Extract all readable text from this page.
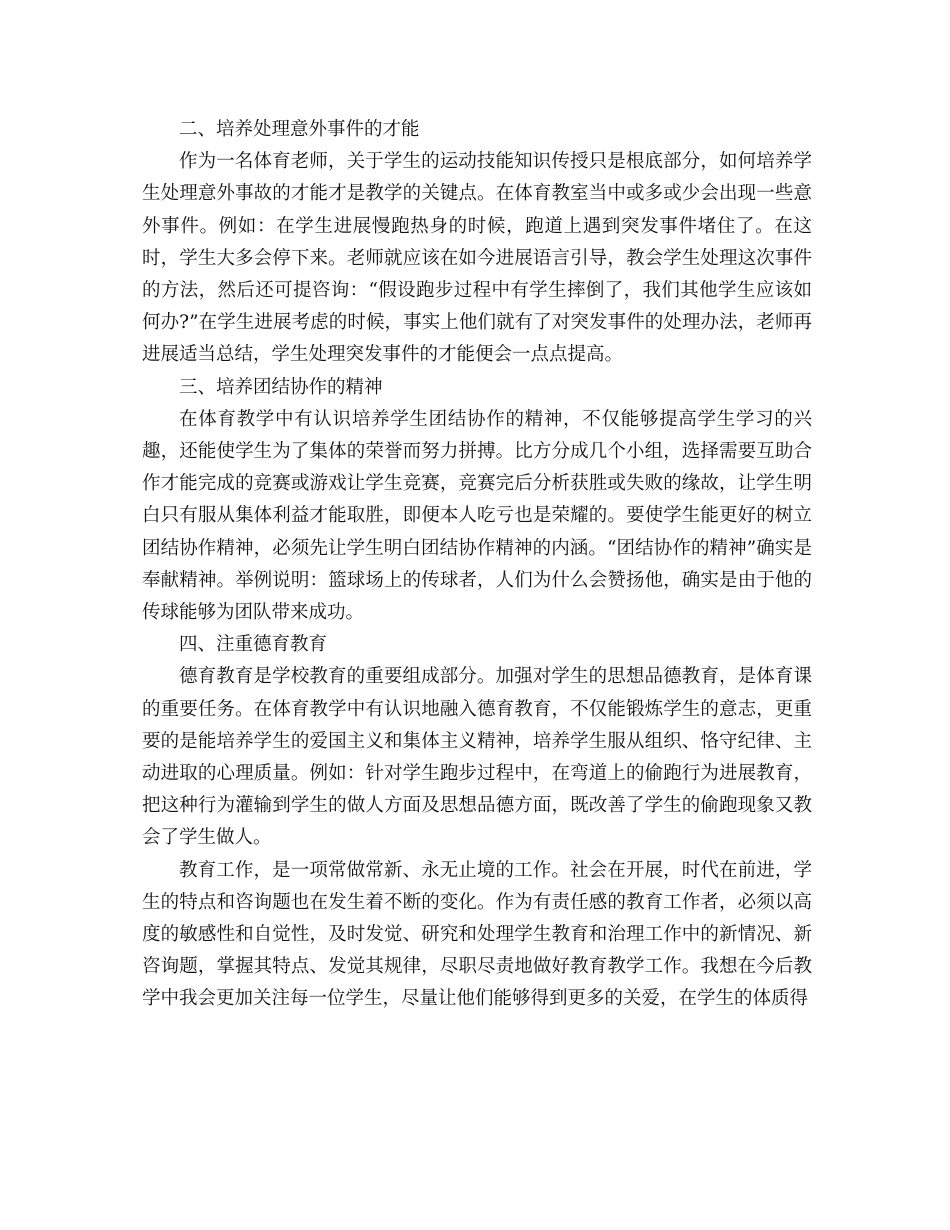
二、培养处理意外事件的才能

作为一名体育老师，关于学生的运动技能知识传授只是根底部分，如何培养学生处理意外事故的才能才是教学的关键点。在体育教室当中或多或少会出现一些意外事件。例如：在学生进展慢跑热身的时候，跑道上遇到突发事件堵住了。在这时，学生大多会停下来。老师就应该在如今进展语言引导，教会学生处理这次事件的方法，然后还可提咨询：“假设跑步过程中有学生摔倒了，我们其他学生应该如何办?”在学生进展考虑的时候，事实上他们就有了对突发事件的处理办法，老师再进展适当总结，学生处理突发事件的才能便会一点点提高。

三、培养团结协作的精神

在体育教学中有认识培养学生团结协作的精神，不仅能够提高学生学习的兴趣，还能使学生为了集体的荣誉而努力拼搏。比方分成几个小组，选择需要互助合作才能完成的竞赛或游戏让学生竞赛，竞赛完后分析获胜或失败的缘故，让学生明白只有服从集体利益才能取胜，即便本人吃亏也是荣耀的。要使学生能更好的树立团结协作精神，必须先让学生明白团结协作精神的内涵。“团结协作的精神”确实是奉献精神。举例说明：篮球场上的传球者，人们为什么会赞扬他，确实是由于他的传球能够为团队带来成功。

四、注重德育教育

德育教育是学校教育的重要组成部分。加强对学生的思想品德教育，是体育课的重要任务。在体育教学中有认识地融入德育教育，不仅能锻炼学生的意志，更重要的是能培养学生的爱国主义和集体主义精神，培养学生服从组织、恪守纪律、主动进取的心理质量。例如：针对学生跑步过程中，在弯道上的偷跑行为进展教育，把这种行为灌输到学生的做人方面及思想品德方面，既改善了学生的偷跑现象又教会了学生做人。

教育工作，是一项常做常新、永无止境的工作。社会在开展，时代在前进，学生的特点和咨询题也在发生着不断的变化。作为有责任感的教育工作者，必须以高度的敏感性和自觉性，及时发觉、研究和处理学生教育和治理工作中的新情况、新咨询题，掌握其特点、发觉其规律，尽职尽责地做好教育教学工作。我想在今后教学中我会更加关注每一位学生，尽量让他们能够得到更多的关爱，在学生的体质得
